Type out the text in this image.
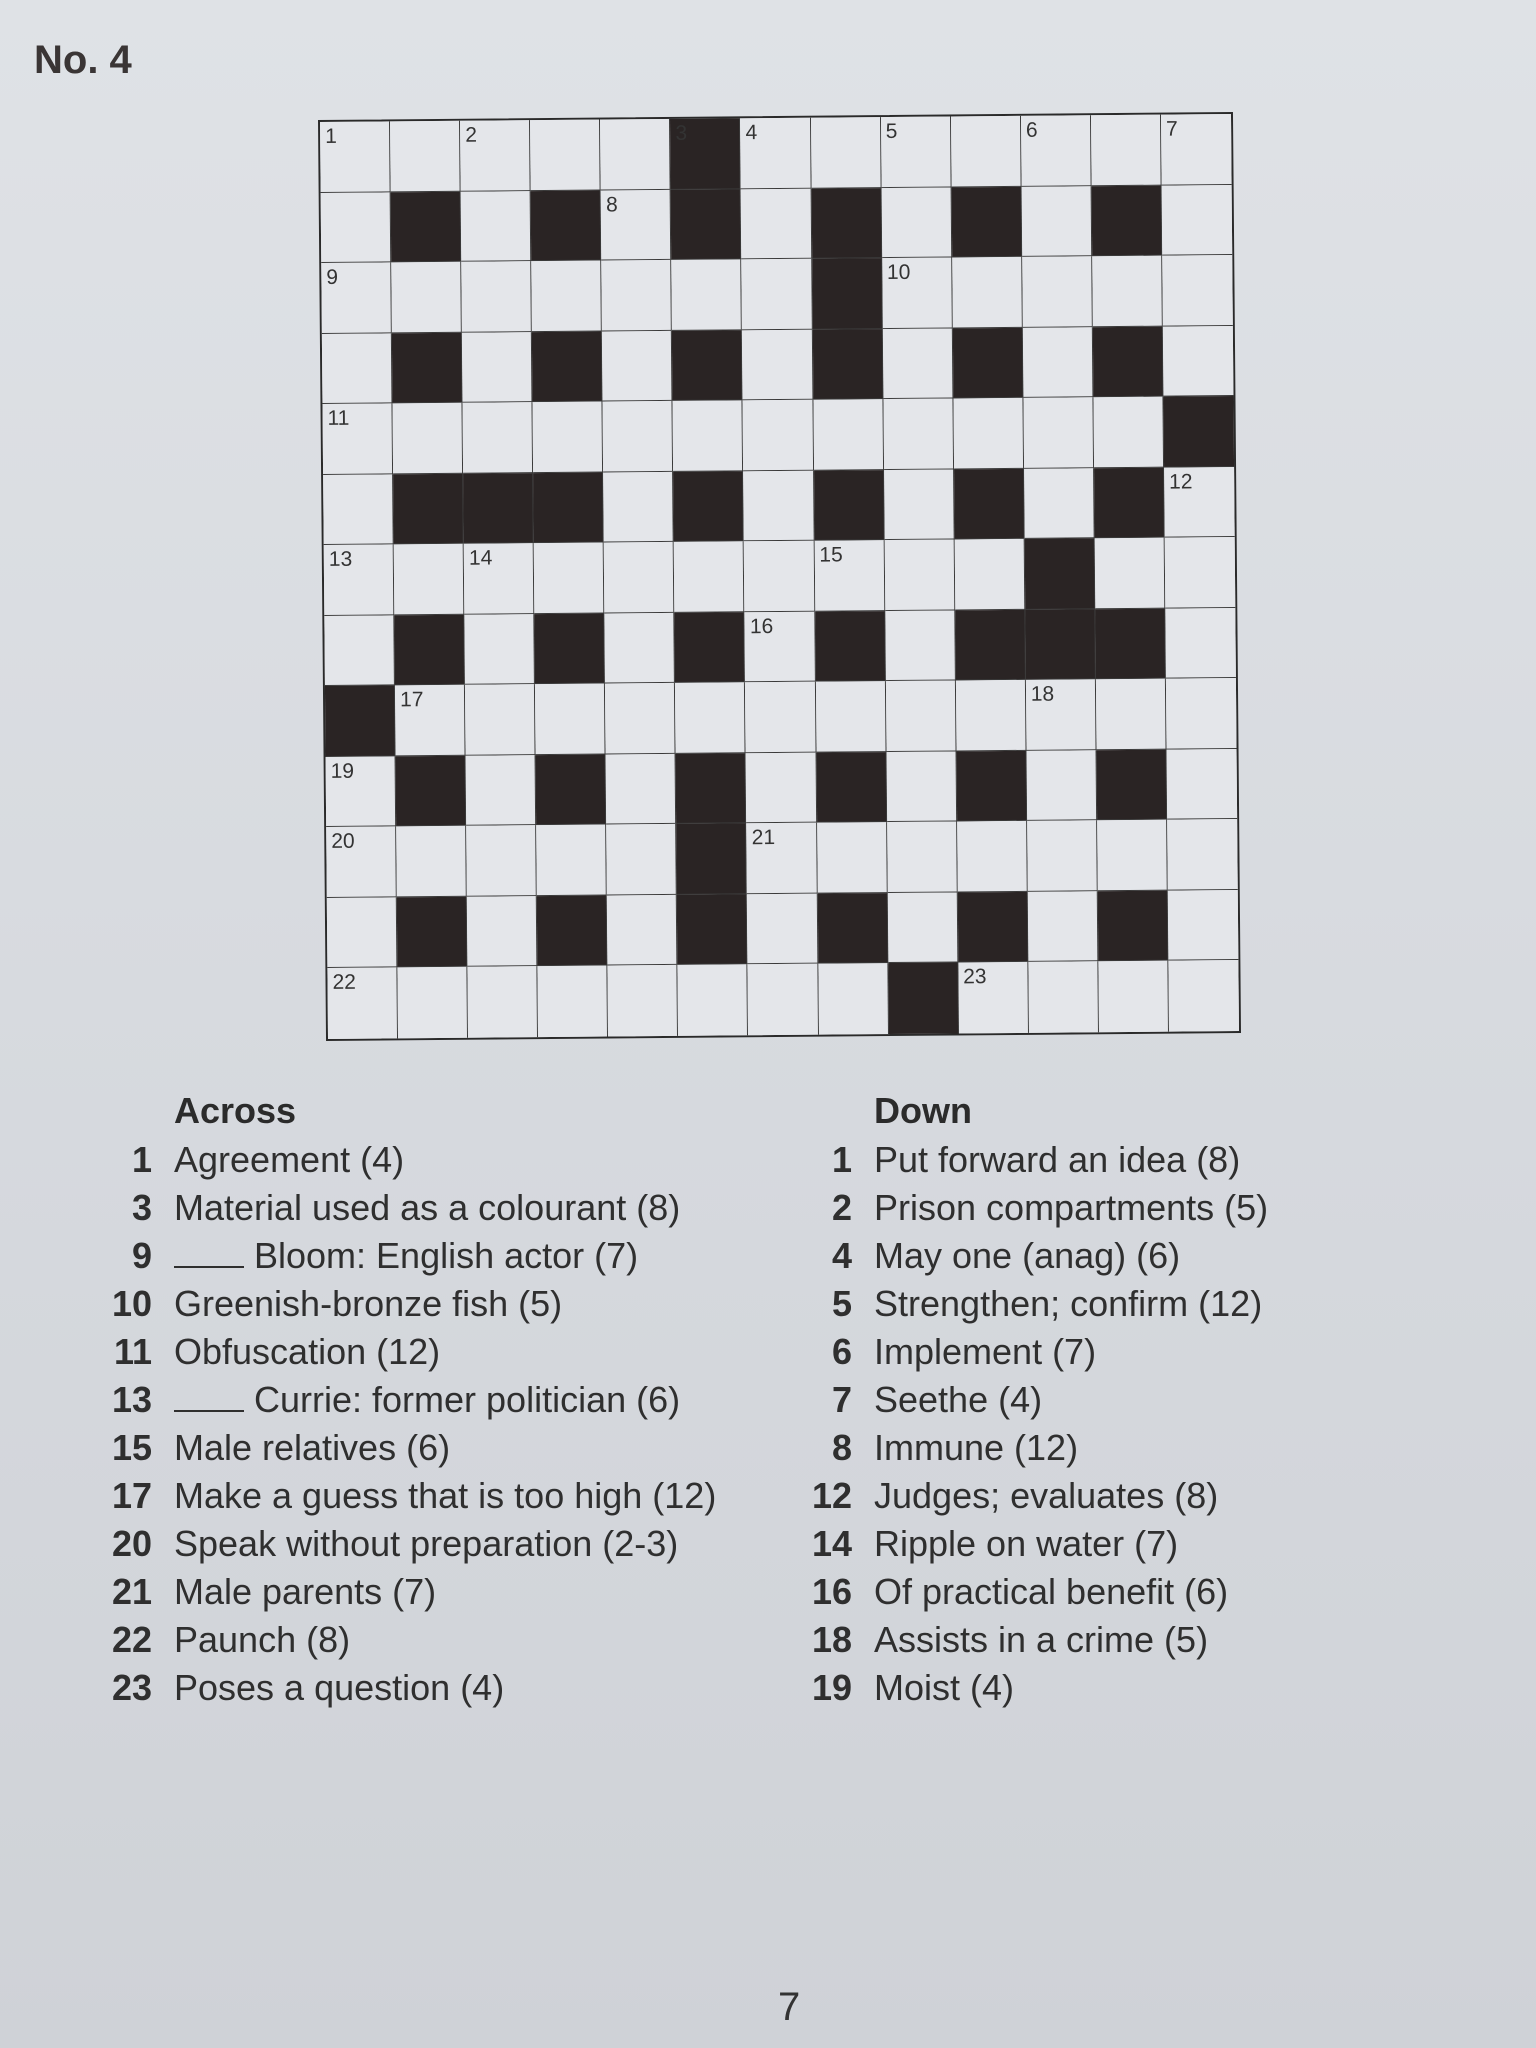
No. 4
1	2	3	4	5	6	7
8
9	10
11
12
13	14	15
16
17	18
19
20	21
22	23
Across
1 Agreement (4)
3 Material used as a colourant (8)
9	Bloom: English actor (7)
10 Greenish-bronze fish (5)
11 Obfuscation (12)
13	Currie: former politician (6)
15 Male relatives (6)
17 Make a guess that is too high (12)
20 Speak without preparation (2-3)
21 Male parents (7)
22 Paunch (8)
23 Poses a question (4)
Down
1 Put forward an idea (8)
2 Prison compartments (5)
4 May one (anag) (6)
5 Strengthen; confirm (12)
6 Implement (7)
7 Seethe (4)
8 Immune (12)
12 Judges; evaluates (8)
14 Ripple on water (7)
16 Of practical benefit (6)
18 Assists in a crime (5)
19 Moist (4)
7
